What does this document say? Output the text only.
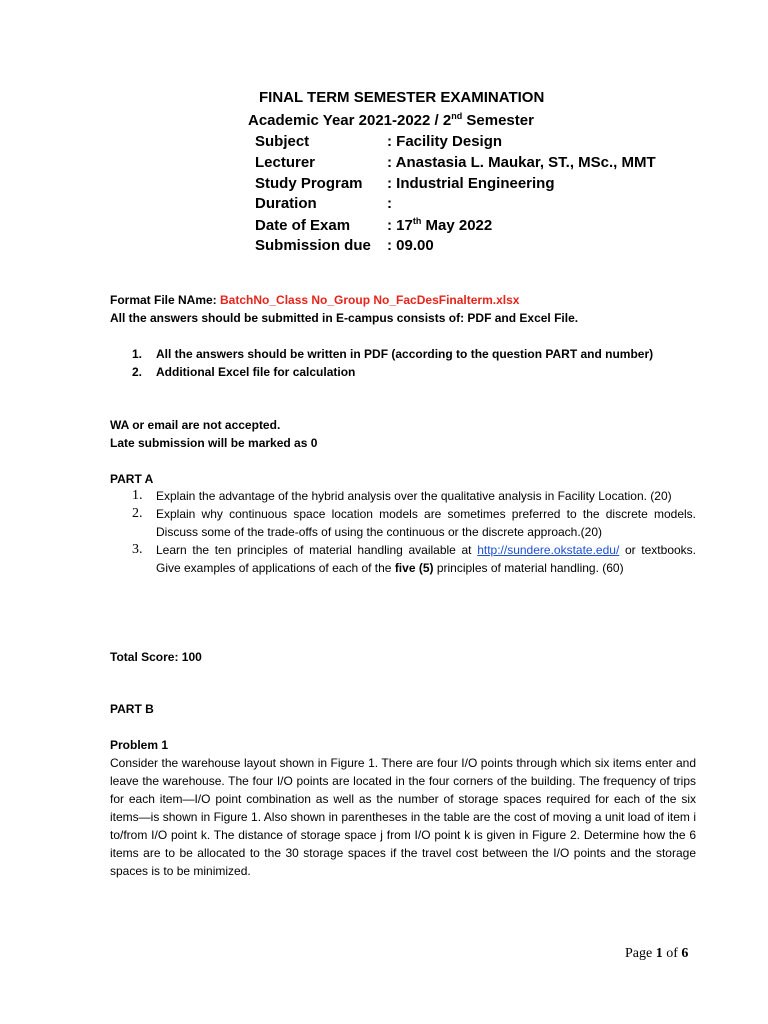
FINAL TERM SEMESTER EXAMINATION
Academic Year 2021-2022 / 2nd Semester
Subject	: Facility Design
Lecturer	: Anastasia L. Maukar, ST., MSc., MMT
Study Program : Industrial Engineering
Duration	:
Date of Exam : 17th May 2022
Submission due : 09.00
Format File NAme: BatchNo_Class No_Group No_FacDesFinalterm.xlsx
All the answers should be submitted in E-campus consists of: PDF and Excel File.
1. All the answers should be written in PDF (according to the question PART and number)
2. Additional Excel file for calculation
WA or email are not accepted.
Late submission will be marked as 0
PART A
1. Explain the advantage of the hybrid analysis over the qualitative analysis in Facility Location. (20)
2. Explain why continuous space location models are sometimes preferred to the discrete models. Discuss some of the trade-offs of using the continuous or the discrete approach.(20)
3. Learn the ten principles of material handling available at http://sundere.okstate.edu/ or textbooks. Give examples of applications of each of the five (5) principles of material handling. (60)
Total Score: 100
PART B
Problem 1
Consider the warehouse layout shown in Figure 1. There are four I/O points through which six items enter and leave the warehouse. The four I/O points are located in the four corners of the building. The frequency of trips for each item—I/O point combination as well as the number of storage spaces required for each of the six items—is shown in Figure 1. Also shown in parentheses in the table are the cost of moving a unit load of item i to/from I/O point k. The distance of storage space j from I/O point k is given in Figure 2. Determine how the 6 items are to be allocated to the 30 storage spaces if the travel cost between the I/O points and the storage spaces is to be minimized.
Page 1 of 6
